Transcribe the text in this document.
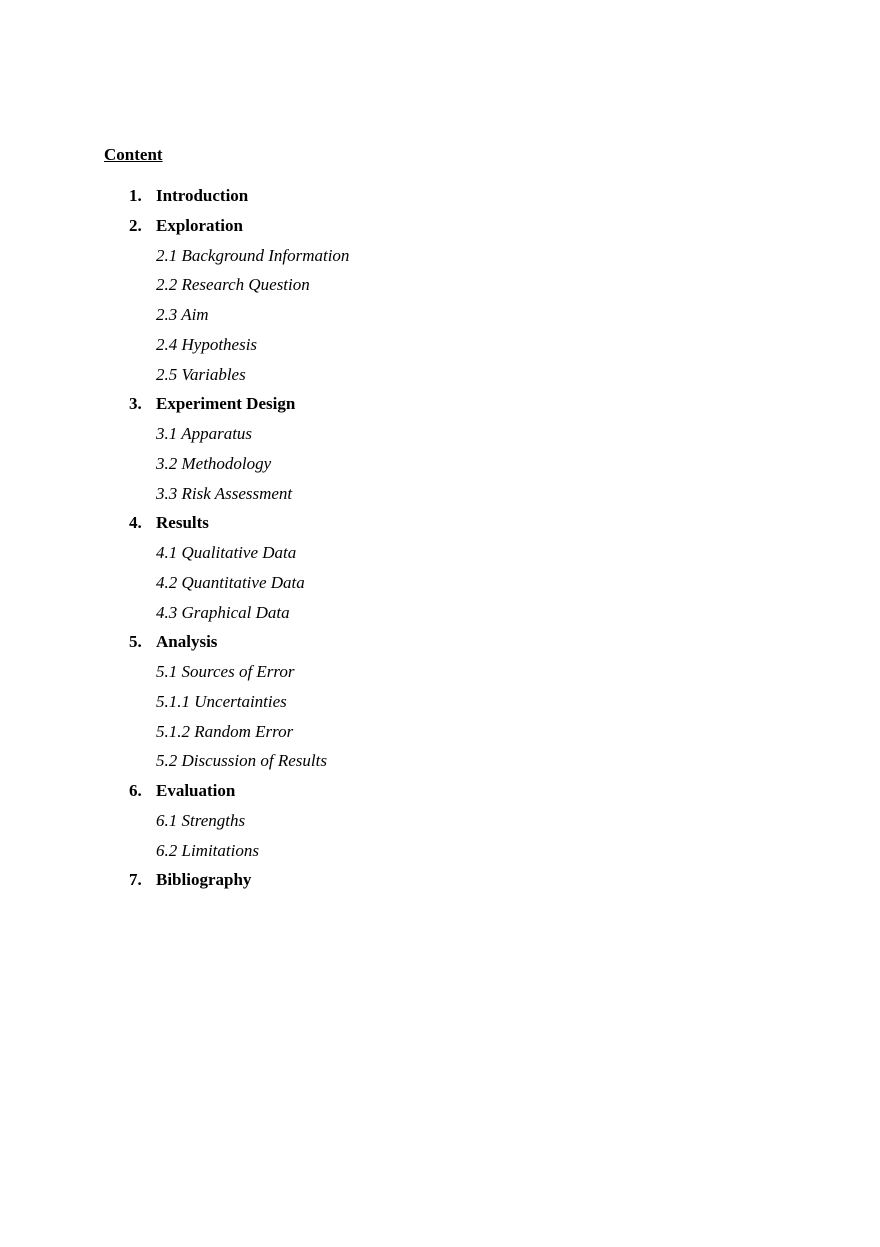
Content
1. Introduction
2. Exploration
2.1 Background Information
2.2 Research Question
2.3 Aim
2.4 Hypothesis
2.5 Variables
3. Experiment Design
3.1 Apparatus
3.2 Methodology
3.3 Risk Assessment
4. Results
4.1 Qualitative Data
4.2 Quantitative Data
4.3 Graphical Data
5. Analysis
5.1 Sources of Error
5.1.1 Uncertainties
5.1.2 Random Error
5.2 Discussion of Results
6. Evaluation
6.1 Strengths
6.2 Limitations
7. Bibliography
